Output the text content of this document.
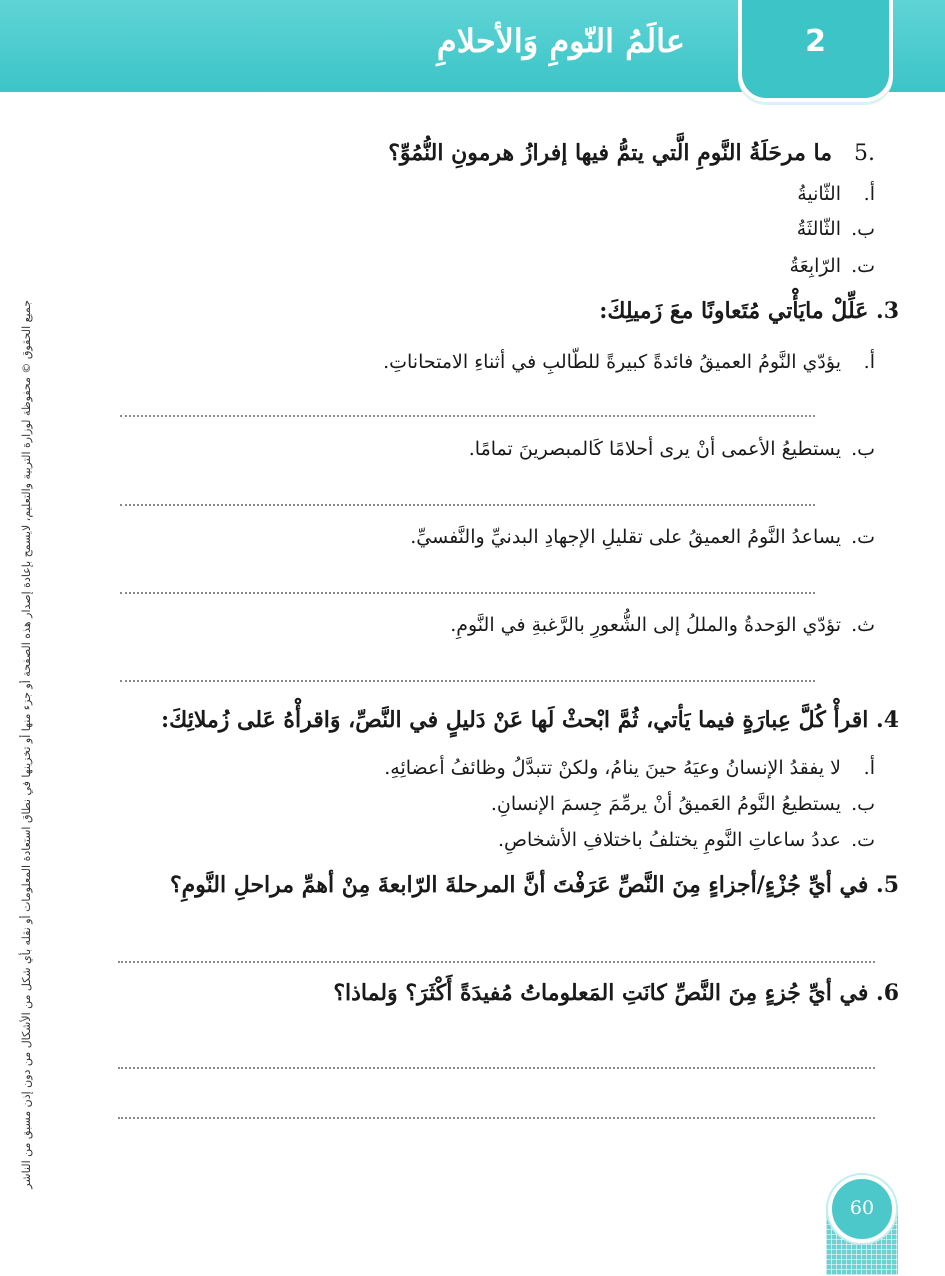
عالَمُ النّومِ وَالأحلامِ	2
جميع الحقوق © محفوظة لوزارة التربية والتعليم، لايسمح بإعادة إصدار هذه الصفحة أو جزء منها أو تخزينها في نطاق استعادة المعلومات أو نقله بأي شكل من الأشكال من دون إذن مسبق من الناشر
.5ما مرحَلَةُ النَّومِ الَّتي يتمُّ فيها إفرازُ هرمونِ النُّمُوِّ؟
أ.الثّانيةُ
ب.الثّالثَةُ
ت.الرّابِعَةُ
3. عَلِّلْ مايَأْتي مُتَعاونًا معَ زَميلِكَ:
أ.يؤدّي النَّومُ العميقُ فائدةً كبيرةً للطّالبِ في أثناءِ الامتحاناتِ.
ب.يستطيعُ الأعمى أنْ يرى أحلامًا كَالمبصرينَ تمامًا.
ت.يساعدُ النَّومُ العميقُ على تقليلِ الإجهادِ البدنيِّ والنَّفسيِّ.
ث.تؤدّي الوَحدةُ والمللُ إلى الشُّعورِ بالرَّغبةِ في النَّومِ.
4. اقرأْ كُلَّ عِبارَةٍ فيما يَأتي، ثُمَّ ابْحثْ لَها عَنْ دَليلٍ في النَّصِّ، وَاقرأْهُ عَلى زُملائِكَ:
أ.لا يفقدُ الإنسانُ وعيَهُ حينَ ينامُ، ولكنْ تتبدَّلُ وظائفُ أعضائِهِ.
ب.يستطيعُ النَّومُ العَميقُ أنْ يرمِّمَ جِسمَ الإنسانِ.
ت.عددُ ساعاتِ النَّومِ يختلفُ باختلافِ الأشخاصِ.
5. في أيِّ جُزْءٍ/أجزاءٍ مِنَ النَّصِّ عَرَفْتَ أنَّ المرحلةَ الرّابعةَ مِنْ أهمِّ مراحلِ النَّومِ؟
6. في أيِّ جُزءٍ مِنَ النَّصِّ كانَتِ المَعلوماتُ مُفيدَةً أَكْثَرَ؟ وَلماذا؟
60
